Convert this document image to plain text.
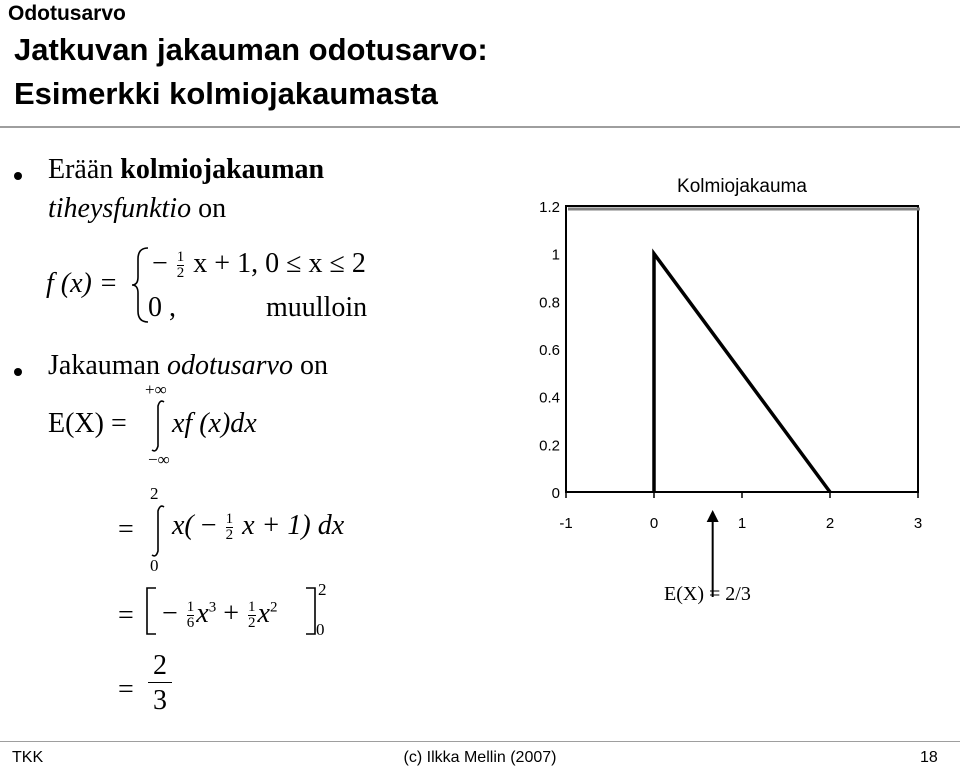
Odotusarvo
Jatkuvan jakauman odotusarvo:
Esimerkki kolmiojakaumasta
Erään kolmiojakauman
tiheysfunktio on
f (x) =
− $\frac{1}{2}$ x + 1, 0 ≤ x ≤ 2
0 ,	muulloin
Jakauman odotusarvo on
+∞
E(X) = xf (x)dx
−∞
2
= $x( - \frac{1}{2}$ x + 1) dx
0
= − $\frac{1}{6} x^3 + \frac{1}{2} x^2$
2
0
= $\frac{2}{3}$
Kolmiojakauma
0
0.2
0.4
0.6
0.8
1
1.2
-1	0	1	2	3
E(X) = 2/3
TKK	(c) Ilkka Mellin (2007)	18
